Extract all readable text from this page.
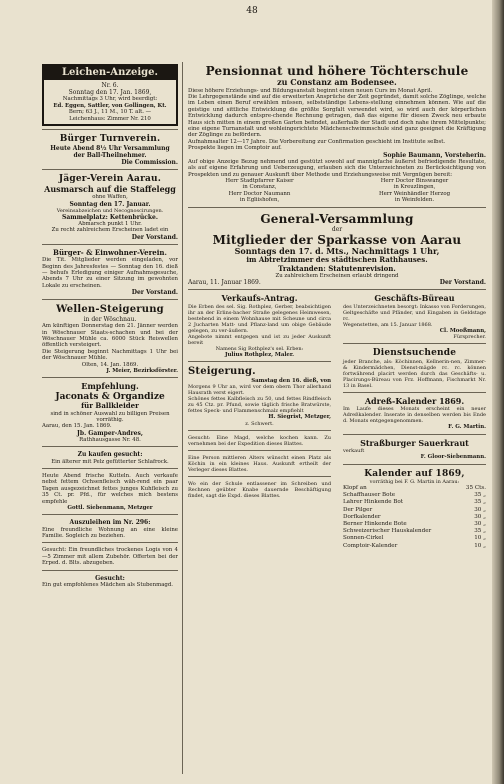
48
Leichen-Anzeige.
Nr. 6.
Sonntag den 17. Jan. 1869,
Nachmittags 3 Uhr, wird beerdigt:
Ed. Eggen, Sattler, von Gollingen, Kt.
Bern; 63 J., 11 M., 10 T. alt. —
Leichenhaus: Zimmer Nr. 210
Bürger Turnverein.
Heute Abend 8½ Uhr Versammlung
der Ball-Theilnehmer.
Die Commission.
Jäger-Verein Aarau.
Ausmarsch auf die Staffelegg
ohne Waffen,
Sonntag den 17. Januar.
Vereinsabzeichen und Necognoscirungen.
Sammelplatz: Kettenbrücke.
Abmarsch punkt 1 Uhr.
Zu recht zahlreichem Erscheinen ladet ein
Der Vorstand.
Bürger- & Einwohner-Verein.
Die Tit. Mitglieder werden eingeladen, vor Beginn des Jahresfestes — Sonntag den 16. dieß — behufs Erledigung einiger Aufnahmsgesuche, Abends 7 Uhr zu einer Sitzung im gewohnten Lokale zu erscheinen.
Der Vorstand.
Wellen-Steigerung
in der Wöschnau.
Am künftigen Donnerstag den 21. Jänner werden in Wöschnauer Staats-schachen und bei der Wöschnauer Mühle ca. 6000 Stück Reiswellen öffentlich versteigert.
Die Steigerung beginnt Nachmittags 1 Uhr bei der Wöschnauer Mühle.
Olten, 14. Jan. 1869.
J. Meier, Bezirksförster.
Empfehlung.
Jaconats & Organdize
für Ballkleider
sind in schöner Auswahl zu billigen Preisen vorräthig.
Aarau, den 15. Jan. 1869.
Jb. Gamper-Andres,
Rathhausgasse Nr. 48.
Zu kaufen gesucht:
Ein älterer mit Pelz gefütterter Schlafrock.
Heute Abend frische Kutteln. Auch verkaufe nebst fettem Ochsenfleisch wäh-rend ein paar Tagen ausgezeichnet fettes junges Kuhfleisch zu 35 Ct. pr. Pfd., für welches mich bestens empfehle
Gottl. Siebenmann, Metzger
Auszuleihen im Nr. 296:
Eine freundliche Wohnung an eine kleine Familie. Sogleich zu beziehen.
Gesucht: Ein freundliches trockenes Logis von 4—5 Zimmer mit allem Zubehör. Offerten bei der Erped. d. Blts. abzugeben.
Gesucht:
Ein gut empfohlenes Mädchen als Stubenmagd.
Pensionnat und höhere Töchterschule
zu Constanz am Bodensee.
Diese höhere Erziehungs- und Bildungsanstalt beginnt einen neuen Curs im Monat April.
Die Lehrgegenstände sind auf die erweiterten Ansprüche der Zeit gegründet, damit solche Zöglinge, welche im Leben einen Beruf erwählen müssen, selbstständige Lebens-stellung einnehmen können. Wie auf die geistige und sittliche Entwicklung die größte Sorgfalt verwendet wird, so wird auch der körperlichen Entwicklung dadurch entspre-chende Rechnung getragen, daß das eigene für diesen Zweck neu erbaute Haus sich mitten in einem großen Garten befindet, außerhalb der Stadt und doch nahe ihrem Mittelpunkte; eine eigene Turnanstalt und wohleingerichtete Mädchenschwimmschule sind ganz geeignet die Kräftigung der Zöglinge zu befördern.
Aufnahmsalter 12—17 Jahre. Die Vorbereitung zur Confirmation geschieht im Institute selbst.
Prospekte liegen im Comptoir auf.
Sophie Baumann, Vorsteherin.
Auf obige Anzeige Bezug nehmend und gestützt sowohl auf mannigfache äußerst befriedigende Resultate, als auf eigene Erfahrung und Ueberzeugung, erlauben sich die Unterzeichneten zu Berücksichtigung von Prospekten und zu genauer Auskunft über Methode und Erziehungsweise mit Vergnügen bereit:
Herr Stadtpfarrer Kaiser
in Constanz,
Herr Doctor Naumann
in Egliishofen,
Herr Doctor Binswanger
in Kreuzlingen,
Herr Weinhändler Herzog
in Weinfelden.
General-Versammlung
der
Mitglieder der Sparkasse von Aarau
Sonntags den 17. d. Mts., Nachmittags 1 Uhr,
im Abtretzimmer des städtischen Rathhauses.
Traktanden: Statutenrevision.
Zu zahlreichem Erscheinen erlaubt dringend
Aarau, 11. Januar 1869.	Der Vorstand.
Verkaufs-Antrag.
Die Erben des sel. Sig. Rothplez, Gerber, beabsichtigen ihr an der Erlins-bacher Straße gelegenes Heimwesen, bestehend in einem Wohnhause mit Scheune und circa 2 Jucharten Matt- und Pflanz-land um obige Gebäude gelegen, zu ver-äußern.
Angebote nimmt entgegen und ist zu jeder Auskunft bereit
Namens Sig Rothplez's sel. Erben:
Julius Rothplez, Maler.
Steigerung.
Samstag den 16. dieß, von
Morgens 9 Uhr an, wird vor dem obern Thor allerhand Hausrath verst eigert.
Schönes fettes Kalbfleisch zu 50, und fettes Rindfleisch zu 45 Ctz. pr. Pfund, sowie täglich frische Bratwürste, fettes Speck- und Flammenschmalz empfiehlt
H. Siegrist, Metzger,
z. Schwert.
Gesucht: Eine Magd, welche kochen kann. Zu vernehmen bei der Expedition dieses Blattes.
Eine Person mittleren Alters wünscht einen Platz als Köchin in ein kleines Haus. Auskunft ertheilt der Verleger dieses Blattes.
Wo ein der Schule entlassener im Schreiben und Rechnen geübter Knabe dauernde Beschäftigung findet, sagt die Expd. dieses Blattes.
Geschäfts-Büreau
des Unterzeichneten besorgt: Inkasso von Forderungen, Geltgeschäfte und Pfänder, und Eingaben in Geldstage rc.
Wegenstetten, am 15. Januar 1868.
Cl. Mooßmann,
Fürsprecher.
Dienstsuchende
jeder Branche, als: Köchinnen, Kellnerin-nen, Zimmer- & Kindermädchen, Dienst-mägde rc. rc. können fortwährend placirt werden durch das Geschäfts- u. Placirungs-Büreau von Frz. Hoffmann, Fischmarkt Nr. 13 in Basel.
Adreß-Kalender 1869.
Im Laufe dieses Monats erscheint ein neuer Adreßkalender. Inserate in denselben werden bis Ende d. Monats entgegengenommen.
F. G. Martin.
Straßburger Sauerkraut
verkauft
F. Gloor-Siebenmann.
Kalender auf 1869,
vorräthig bei F. G. Martin in Aarau:
Klopf an	35 Cts.
Schaffhauser Bote	35 „
Lahrer Hinkende Bot	35 „
Der Pilger	30 „
Dorfkalender	30 „
Berner Hinkende Bote	30 „
Schweizerischer Hauskalender	35 „
Sonnen-Cirkel	10 „
Comptoir-Kalender	10 „
